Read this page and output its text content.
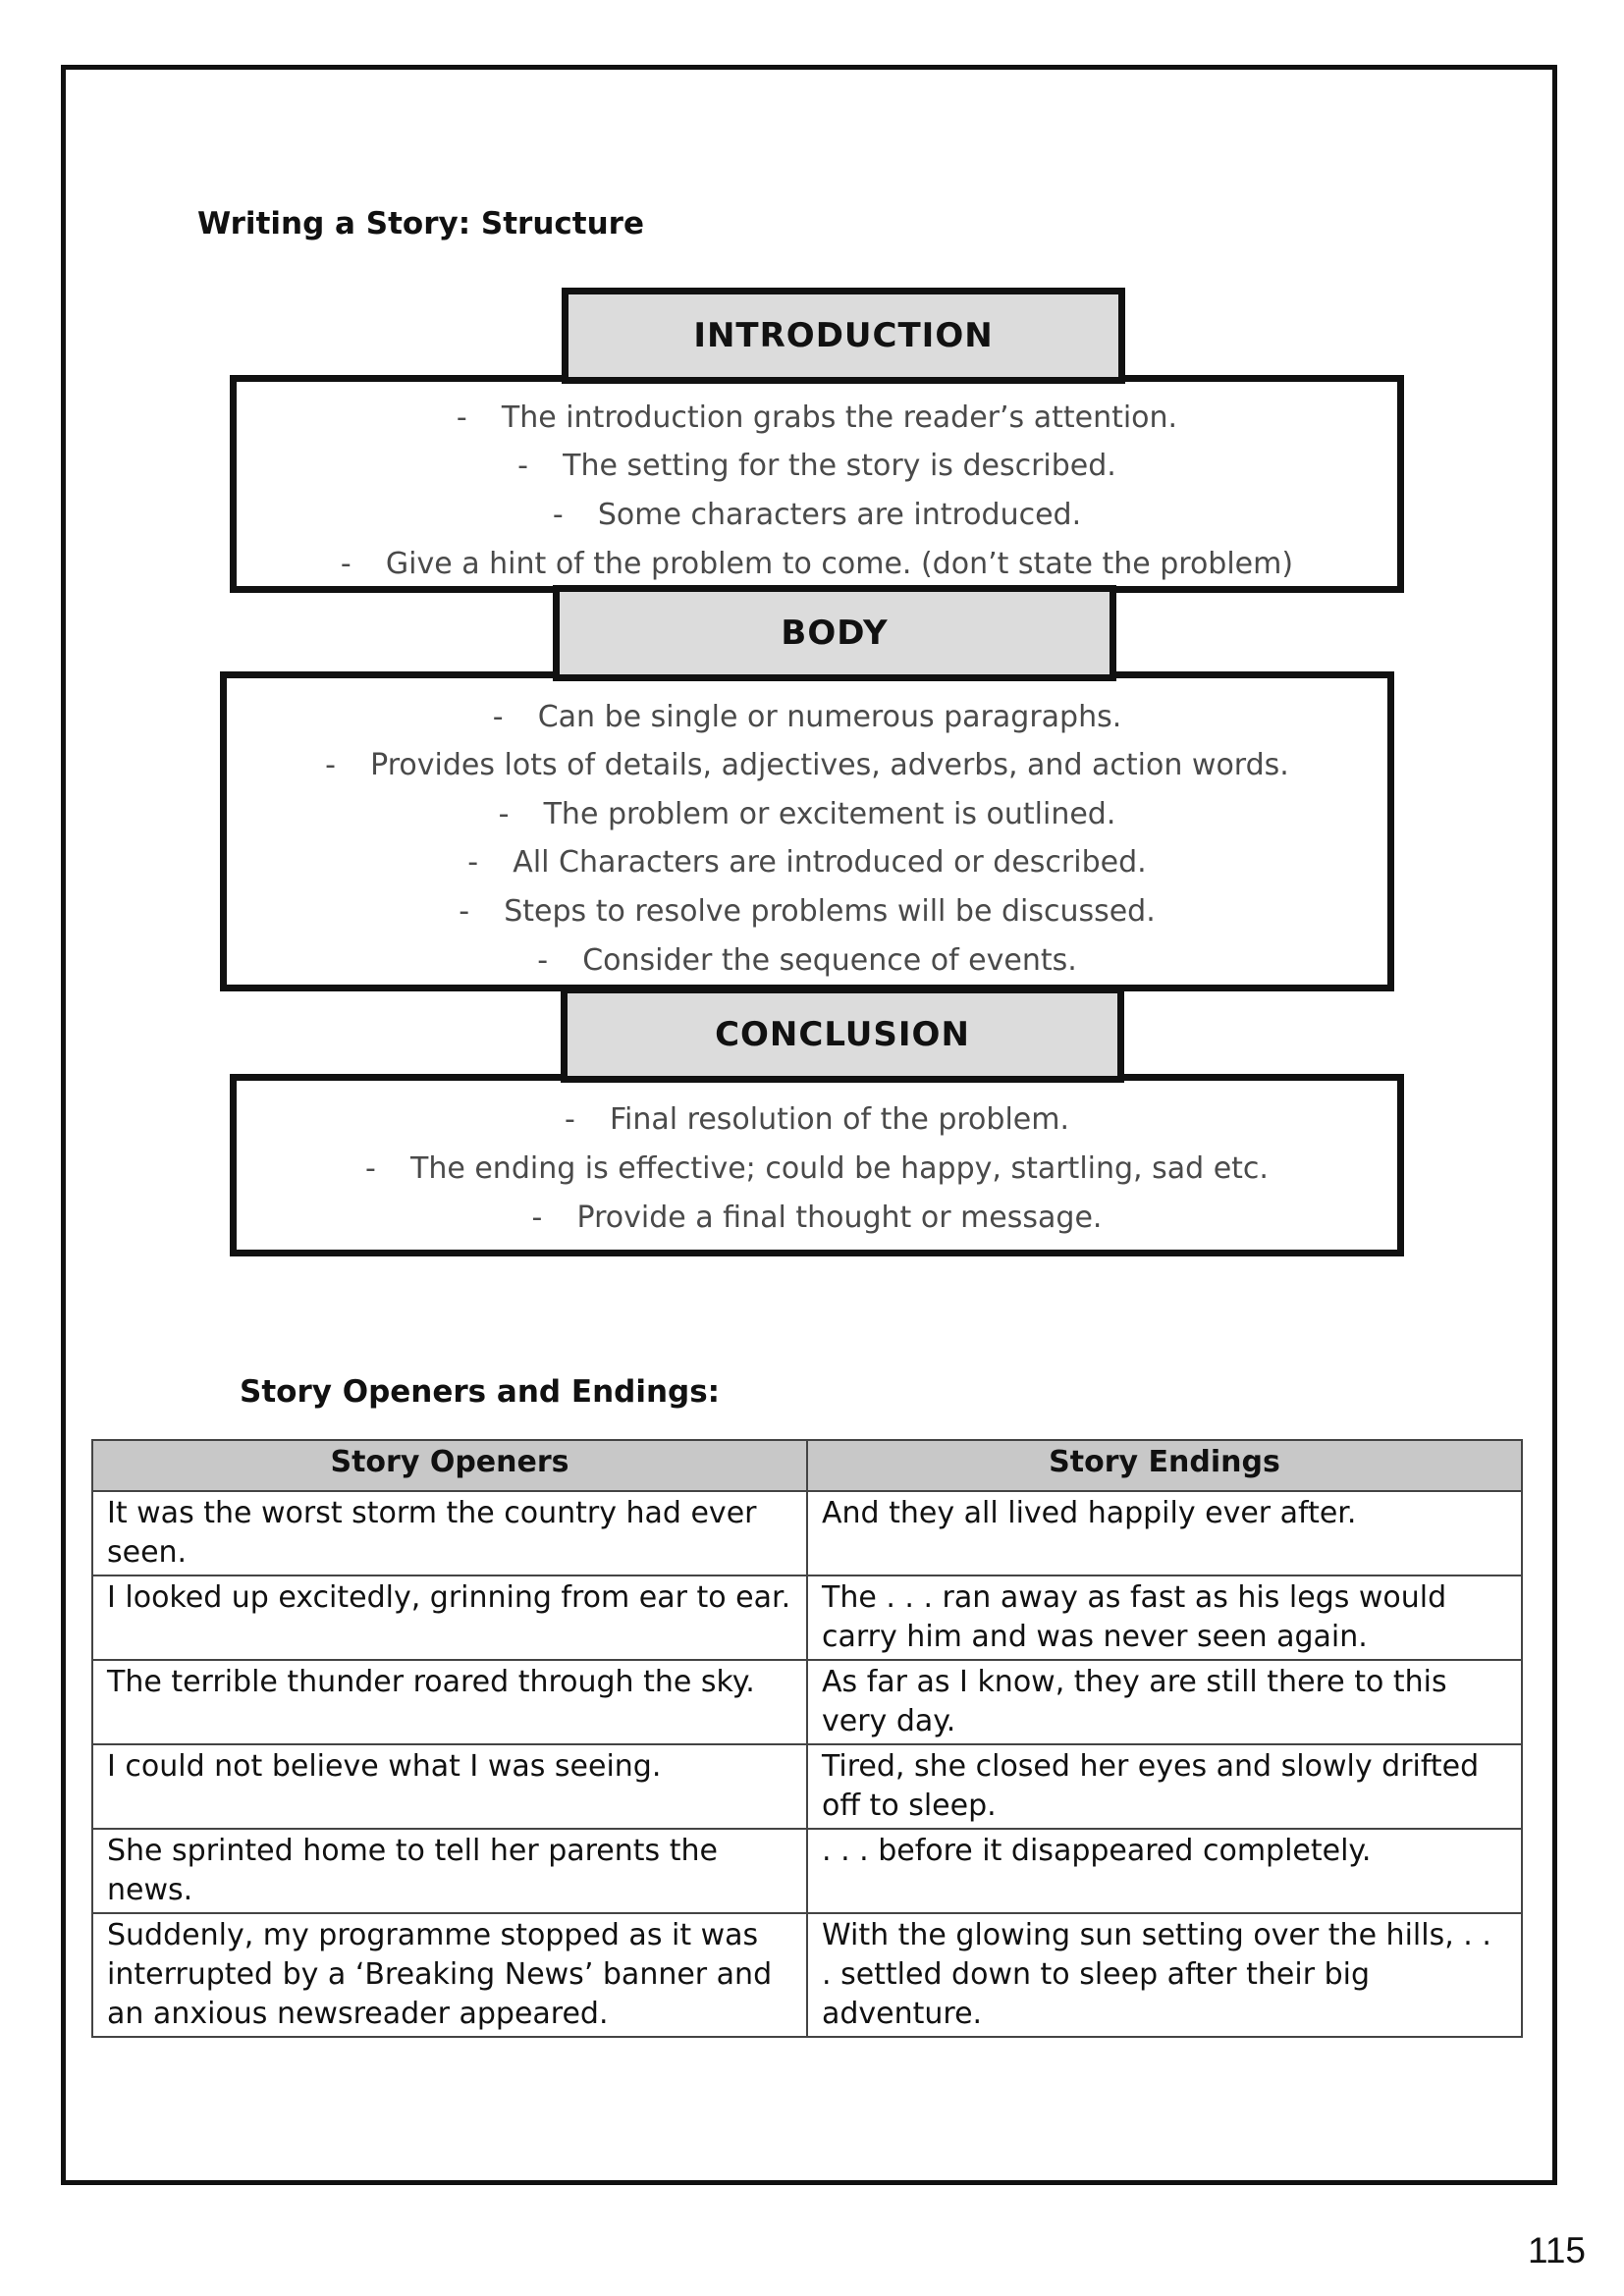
Writing a Story: Structure
INTRODUCTION
- The introduction grabs the reader’s attention.
- The setting for the story is described.
- Some characters are introduced.
- Give a hint of the problem to come. (don’t state the problem)
BODY
- Can be single or numerous paragraphs.
- Provides lots of details, adjectives, adverbs, and action words.
- The problem or excitement is outlined.
- All Characters are introduced or described.
- Steps to resolve problems will be discussed.
- Consider the sequence of events.
CONCLUSION
- Final resolution of the problem.
- The ending is effective; could be happy, startling, sad etc.
- Provide a final thought or message.
Story Openers and Endings:
Story Openers	Story Endings
It was the worst storm the country had ever seen.	And they all lived happily ever after.
I looked up excitedly, grinning from ear to ear.	The . . . ran away as fast as his legs would carry him and was never seen again.
The terrible thunder roared through the sky.	As far as I know, they are still there to this very day.
I could not believe what I was seeing.	Tired, she closed her eyes and slowly drifted off to sleep.
She sprinted home to tell her parents the news.	. . . before it disappeared completely.
Suddenly, my programme stopped as it was interrupted by a ‘Breaking News’ banner and an anxious newsreader appeared.	With the glowing sun setting over the hills, . . . settled down to sleep after their big adventure.
115
